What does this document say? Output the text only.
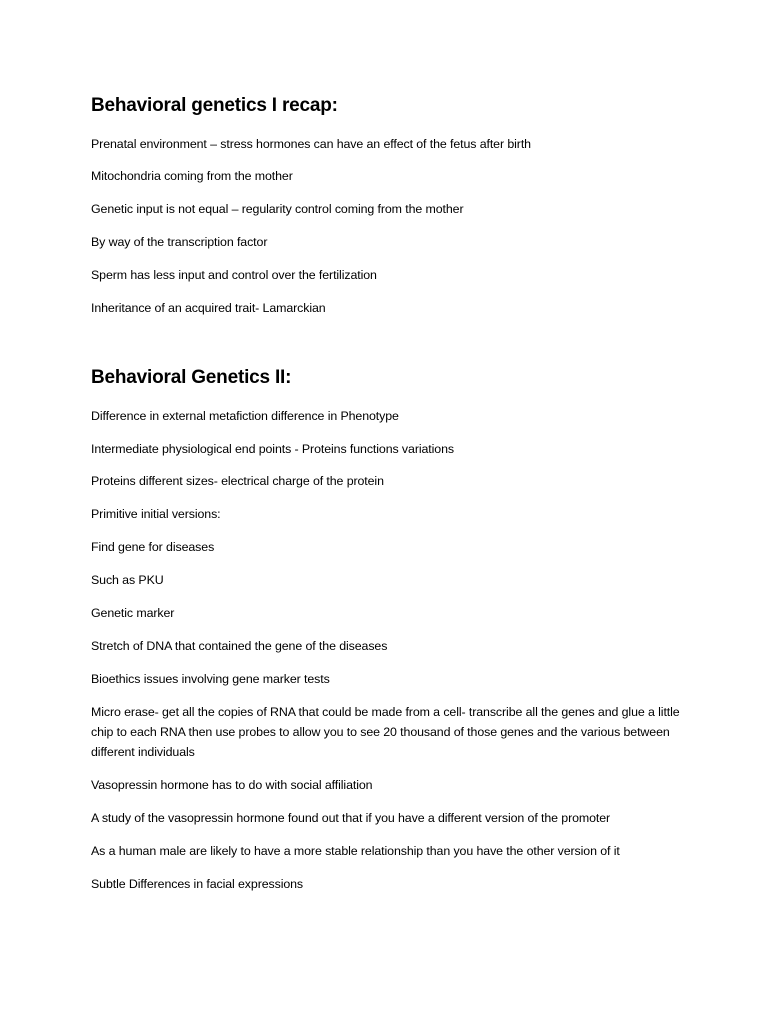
Behavioral genetics I recap:

Prenatal environment – stress hormones can have an effect of the fetus after birth

Mitochondria coming from the mother

Genetic input is not equal – regularity control coming from the mother

By way of the transcription factor

Sperm has less input and control over the fertilization

Inheritance of an acquired trait- Lamarckian

Behavioral Genetics II:

Difference in external metafiction difference in Phenotype

Intermediate physiological end points - Proteins functions variations

Proteins different sizes- electrical charge of the protein

Primitive initial versions:

Find gene for diseases

Such as PKU

Genetic marker

Stretch of DNA that contained the gene of the diseases

Bioethics issues involving gene marker tests

Micro erase- get all the copies of RNA that could be made from a cell- transcribe all the genes and glue a little chip to each RNA then use probes to allow you to see 20 thousand of those genes and the various between different individuals

Vasopressin hormone has to do with social affiliation

A study of the vasopressin hormone found out that if you have a different version of the promoter

As a human male are likely to have a more stable relationship than you have the other version of it

Subtle Differences in facial expressions
